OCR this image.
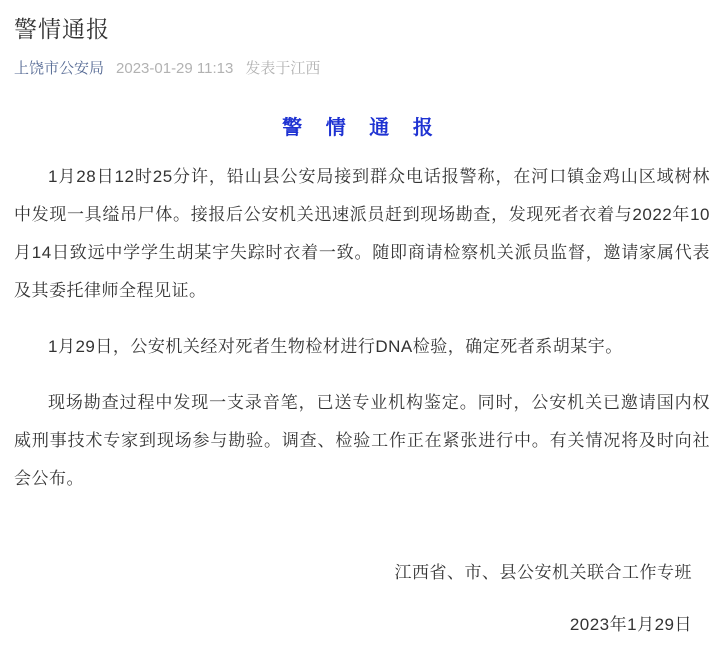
警情通报
上饶市公安局 2023-01-29 11:13 发表于江西
警 情 通 报

1月28日12时25分许，铅山县公安局接到群众电话报警称，在河口镇金鸡山区域树林中发现一具缢吊尸体。接报后公安机关迅速派员赶到现场勘查，发现死者衣着与2022年10月14日致远中学学生胡某宇失踪时衣着一致。随即商请检察机关派员监督，邀请家属代表及其委托律师全程见证。

1月29日，公安机关经对死者生物检材进行DNA检验，确定死者系胡某宇。

现场勘查过程中发现一支录音笔，已送专业机构鉴定。同时，公安机关已邀请国内权威刑事技术专家到现场参与勘验。调查、检验工作正在紧张进行中。有关情况将及时向社会公布。

江西省、市、县公安机关联合工作专班
2023年1月29日
